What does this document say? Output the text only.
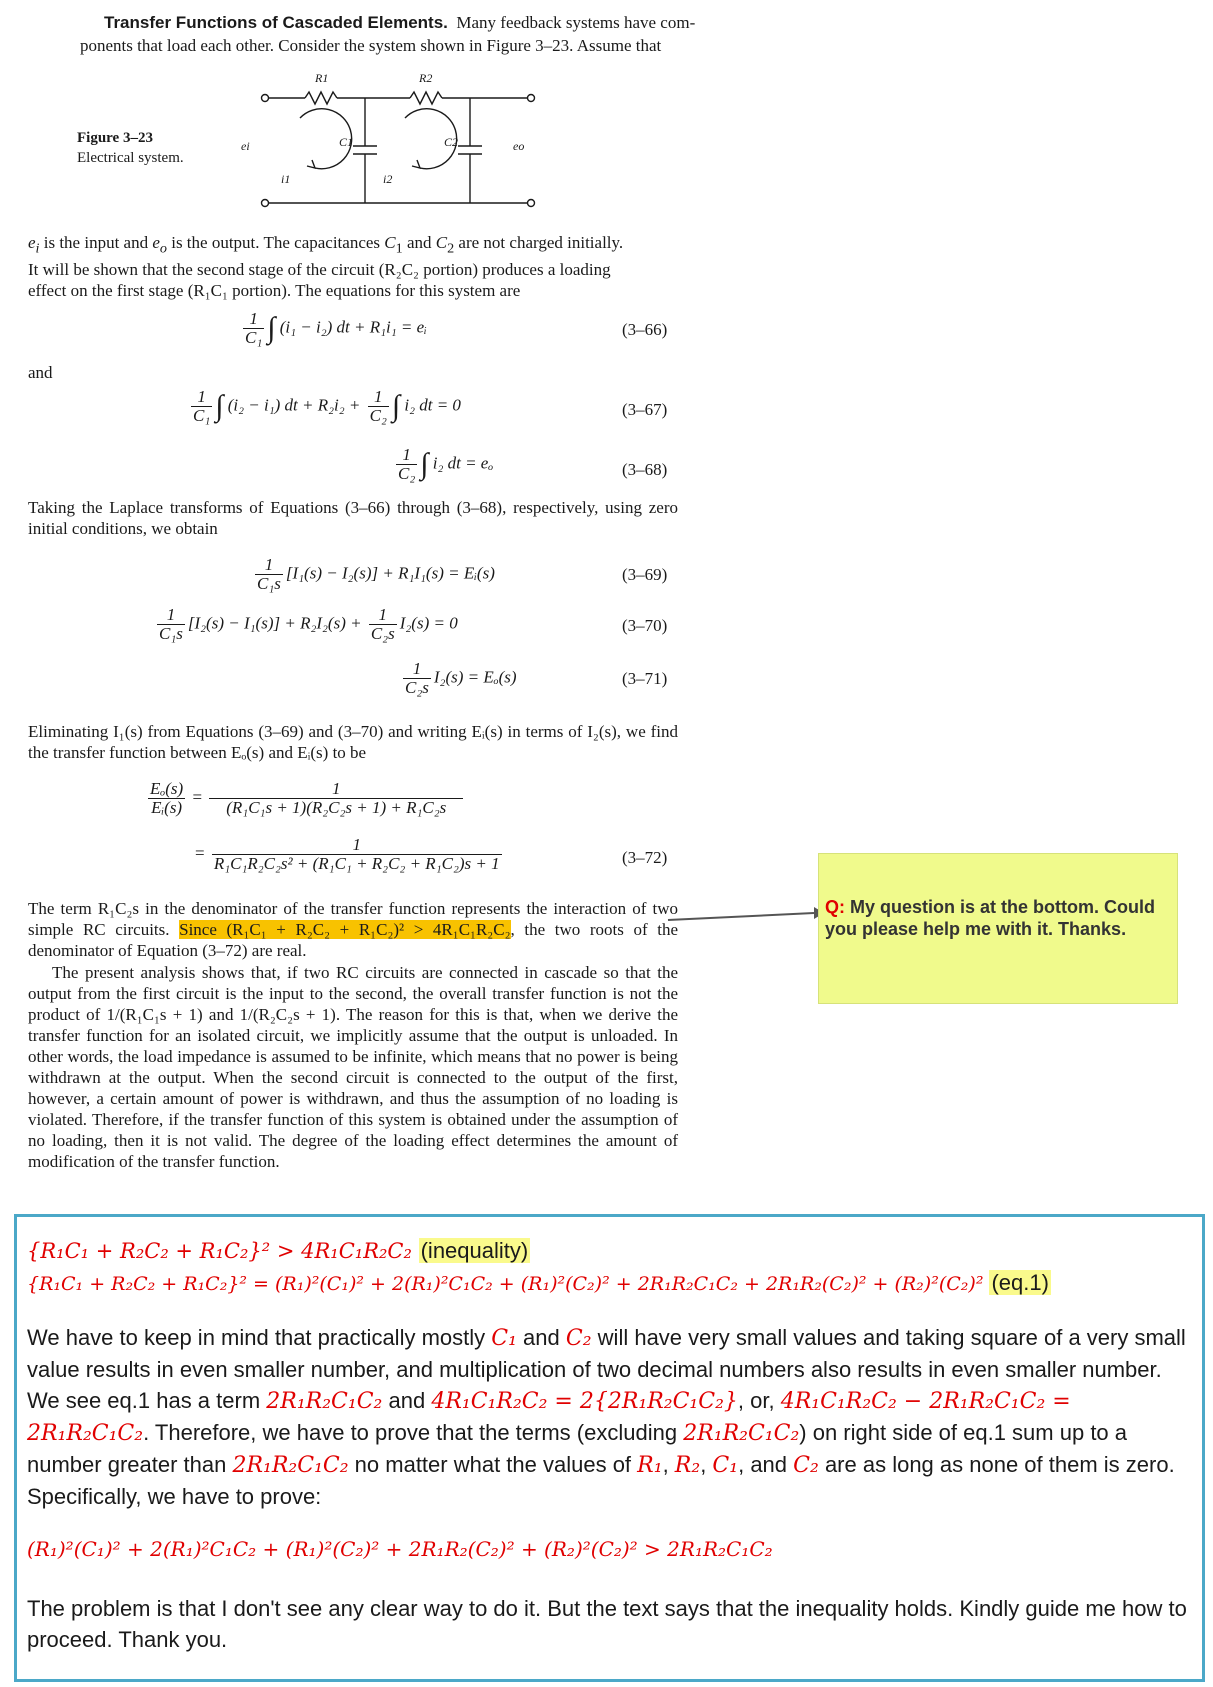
Transfer Functions of Cascaded Elements. Many feedback systems have com-
ponents that load each other. Consider the system shown in Figure 3–23. Assume that
Figure 3–23
Electrical system.
R1	R2
C1	C2
ei	eo
i1	i2
$e_i$ is the input and $e_o$ is the output. The capacitances $C_1$ and $C_2$ are not charged initially.
It will be shown that the second stage of the circuit (R₂C₂ portion) produces a loading
effect on the first stage (R₁C₁ portion). The equations for this system are
$\frac{1}{\text{C₁}}$ ∫ (i₁ − i₂) dt + R₁i₁ = eᵢ	(3–66)
and
$\frac{1}{\text{C₁}}$ ∫ (i₂ − i₁) dt + $R_2i_2 + \frac{1}{\text{C₂}}$ ∫ i₂ dt = 0	(3–67)
$\frac{1}{\text{C₂}}$ ∫ i₂ dt = eₒ	(3–68)
Taking the Laplace transforms of Equations (3–66) through (3–68), respectively, using zero initial conditions, we obtain
$\frac{1}{\text{C₁s}} [I_1(s) - I_2(s)] + R_1I_1(s)$ = Eᵢ(s)	(3–69)
$\frac{1}{\text{C₁s}} [I_2(s) - I_1(s)] + R_2I_2(s) + \frac{1}{\text{C₂s}} I_2(s) = 0$	(3–70)
$\frac{1}{\text{C₂s}} I_2(s) = E_o(s)$	(3–71)
Eliminating I₁(s) from Equations (3–69) and (3–70) and writing Eᵢ(s) in terms of I₂(s), we find the transfer function between Eₒ(s) and Eᵢ(s) to be
$\frac{\text{Eₒ(s)}}{\text{Eᵢ(s)}} = \frac{1}{\text{(R₁C₁s + 1)(R₂C₂s + 1) + R₁C₂s}}$
= $\frac{1}{\text{R₁C₁R₂C₂s² + (R₁C₁ + R₂C₂ + R₁C₂)s + 1}}$	(3–72)
The term R₁C₂s in the denominator of the transfer function represents the interaction of two simple RC circuits. Since (R₁C₁ + R₂C₂ + R₁C₂)² > 4R₁C₁R₂C₂, the two roots of the denominator of Equation (3–72) are real.
The present analysis shows that, if two RC circuits are connected in cascade so that the output from the first circuit is the input to the second, the overall transfer function is not the product of 1/(R₁C₁s + 1) and 1/(R₂C₂s + 1). The reason for this is that, when we derive the transfer function for an isolated circuit, we implicitly assume that the output is unloaded. In other words, the load impedance is assumed to be infinite, which means that no power is being withdrawn at the output. When the second circuit is connected to the output of the first, however, a certain amount of power is withdrawn, and thus the assumption of no loading is violated. Therefore, if the transfer function of this system is obtained under the assumption of no loading, then it is not valid. The degree of the loading effect determines the amount of modification of the transfer function.
Q: My question is at the bottom. Could you please help me with it. Thanks.
{R₁C₁ + R₂C₂ + R₁C₂}² > 4R₁C₁R₂C₂ (inequality)
{R₁C₁ + R₂C₂ + R₁C₂}² = (R₁)²(C₁)² + 2(R₁)²C₁C₂ + (R₁)²(C₂)² + 2R₁R₂C₁C₂ + 2R₁R₂(C₂)² + (R₂)²(C₂)² (eq.1)
We have to keep in mind that practically mostly C₁ and C₂ will have very small values and taking square of a very small value results in even smaller number, and multiplication of two decimal numbers also results in even smaller number. We see eq.1 has a term 2R₁R₂C₁C₂ and 4R₁C₁R₂C₂ = 2{2R₁R₂C₁C₂}, or, 4R₁C₁R₂C₂ − 2R₁R₂C₁C₂ = 2R₁R₂C₁C₂. Therefore, we have to prove that the terms (excluding 2R₁R₂C₁C₂) on right side of eq.1 sum up to a number greater than 2R₁R₂C₁C₂ no matter what the values of R₁, R₂, C₁, and C₂ are as long as none of them is zero. Specifically, we have to prove:
(R₁)²(C₁)² + 2(R₁)²C₁C₂ + (R₁)²(C₂)² + 2R₁R₂(C₂)² + (R₂)²(C₂)² > 2R₁R₂C₁C₂
The problem is that I don't see any clear way to do it. But the text says that the inequality holds. Kindly guide me how to proceed. Thank you.
